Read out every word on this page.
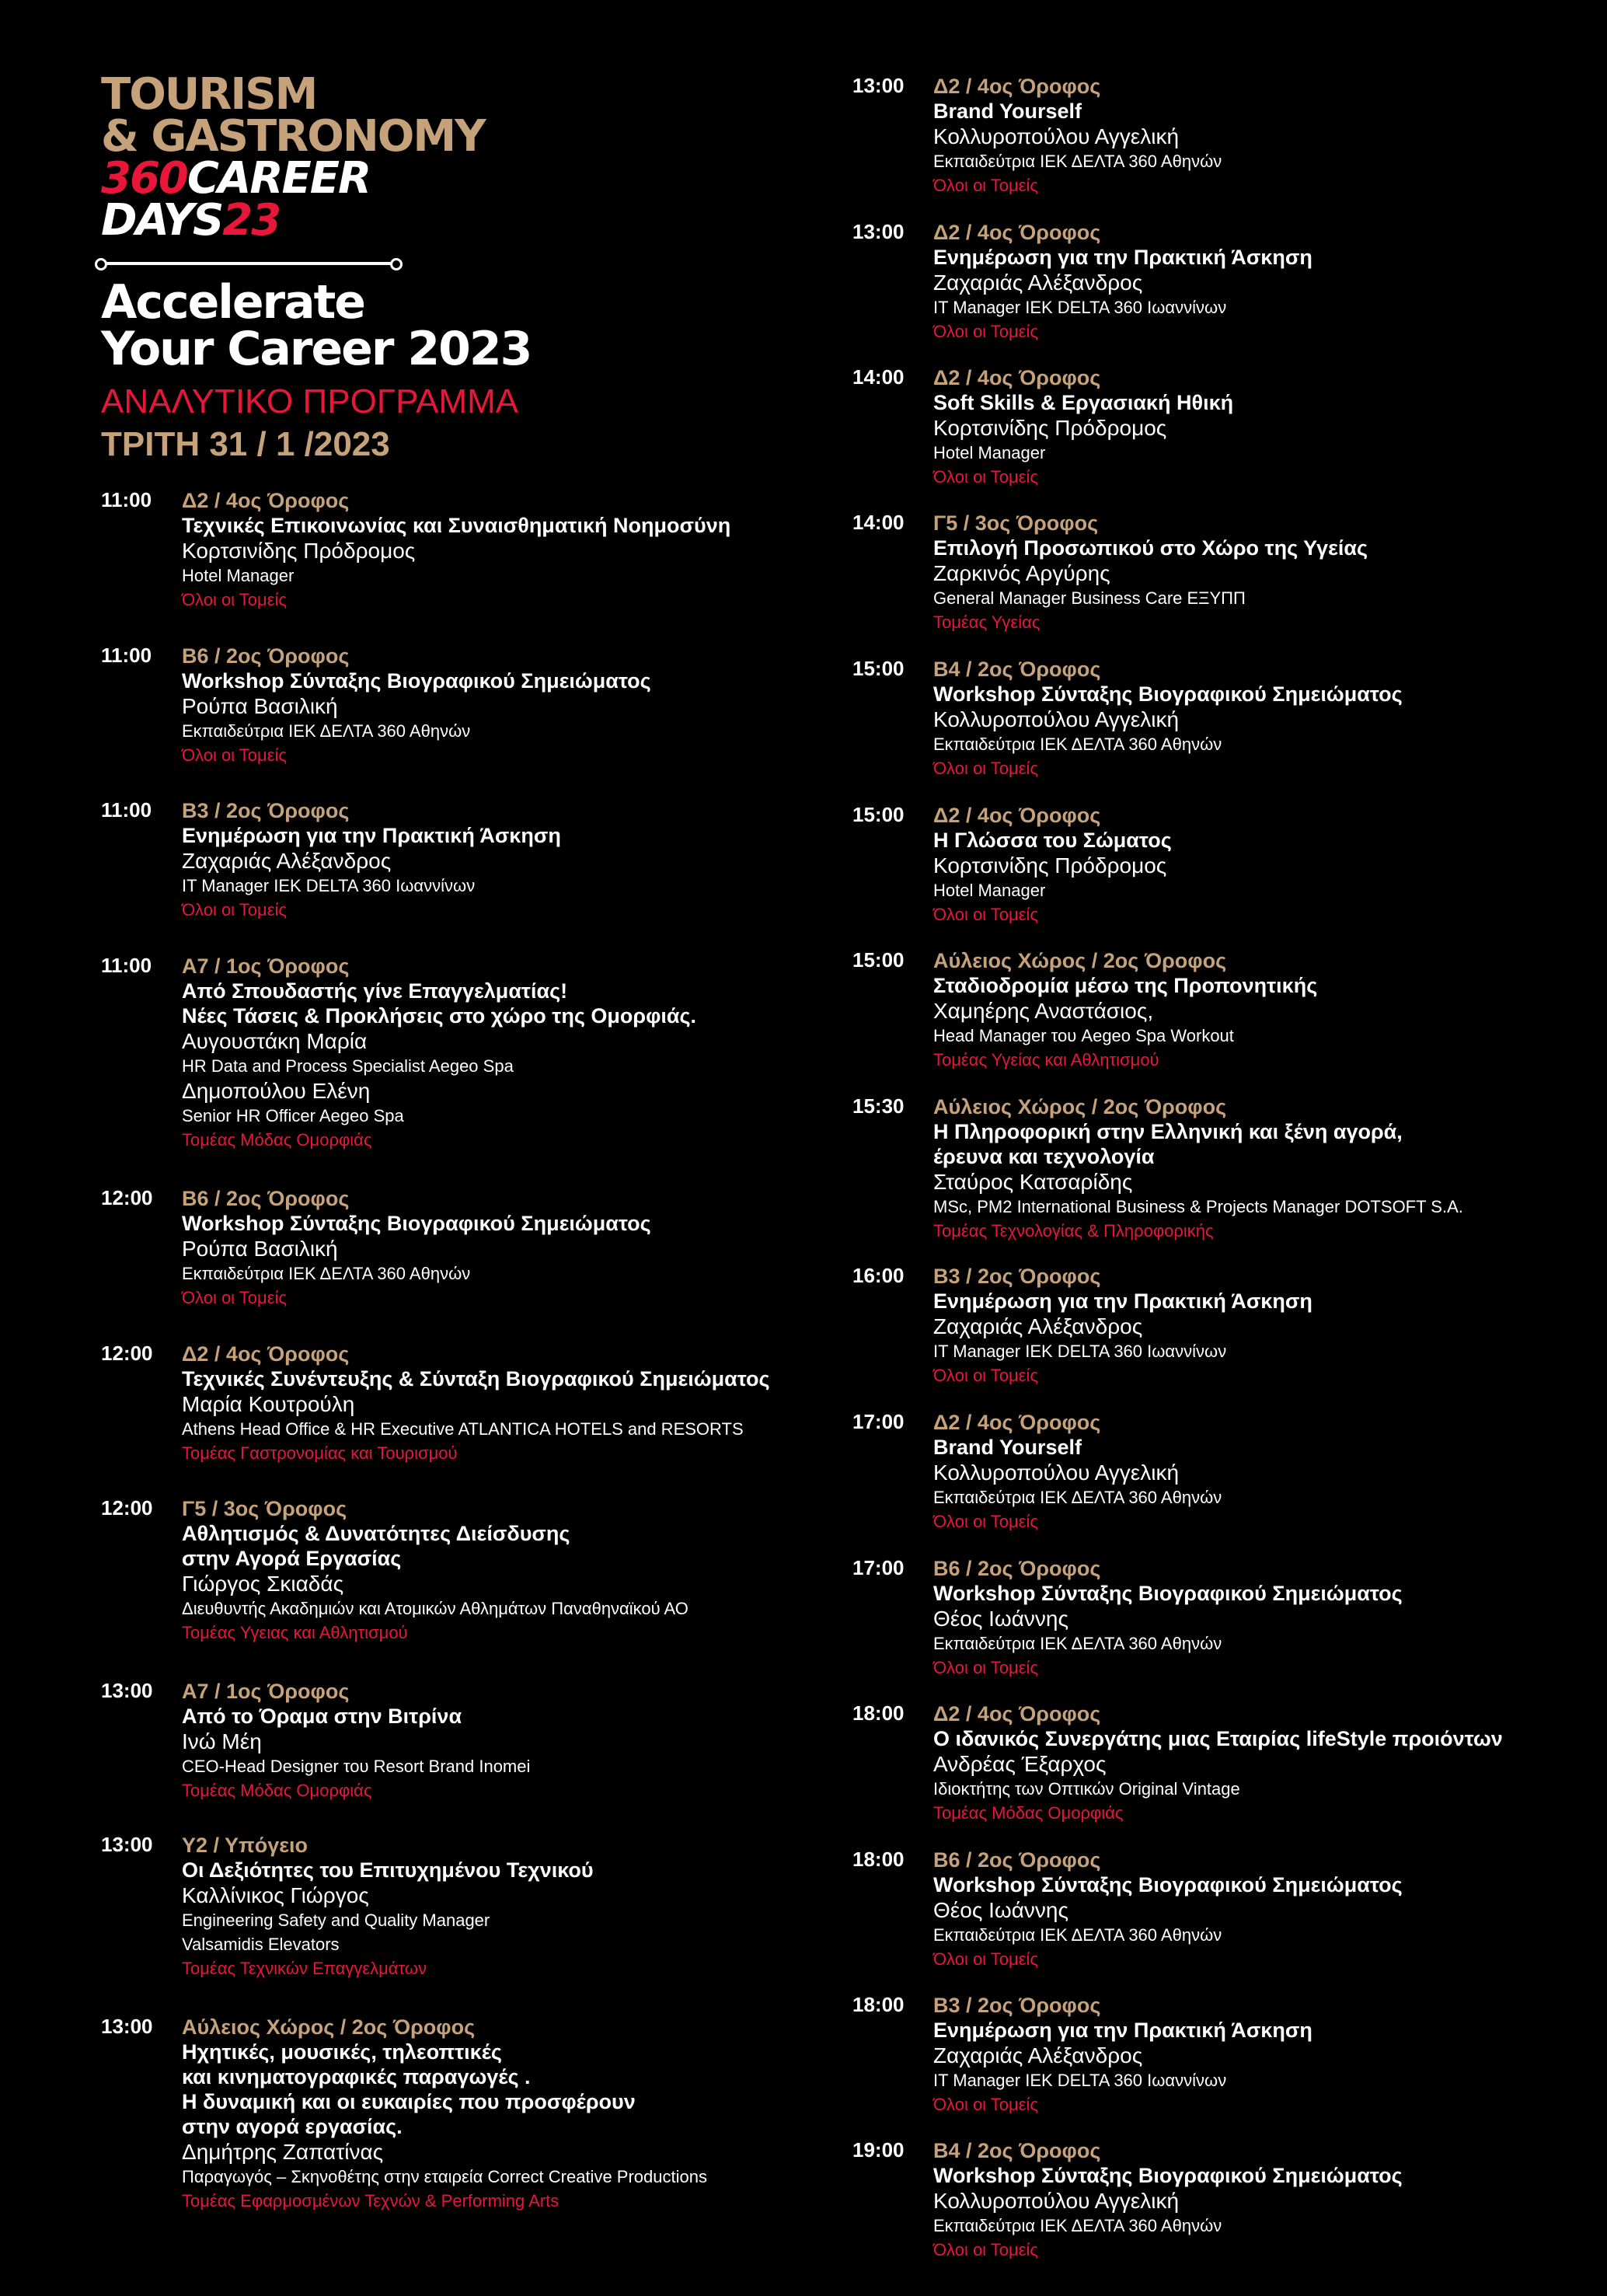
TOURISM
& GASTRONOMY
360CAREER
DAYS23
Accelerate
Your Career 2023
ΑΝΑΛΥΤΙΚΟ ΠΡΟΓΡΑΜΜΑ
ΤΡΙΤΗ 31 / 1 /2023
11:00 Δ2 / 4ος Όροφος
Τεχνικές Επικοινωνίας και Συναισθηματική Νοημοσύνη
Κορτσινίδης Πρόδρομος
Hotel Manager
Όλοι οι Τομείς
11:00 Β6 / 2ος Όροφος
Workshop Σύνταξης Βιογραφικού Σημειώματος
Ρούπα Βασιλική
Εκπαιδεύτρια ΙΕΚ ΔΕΛΤΑ 360 Αθηνών
Όλοι οι Τομείς
11:00 Β3 / 2ος Όροφος
Ενημέρωση για την Πρακτική Άσκηση
Ζαχαριάς Αλέξανδρος
IT Manager ΙΕΚ DELTA 360 Ιωαννίνων
Όλοι οι Τομείς
11:00 Α7 / 1ος Όροφος
Από Σπουδαστής γίνε Επαγγελματίας!
Νέες Τάσεις & Προκλήσεις στο χώρο της Ομορφιάς.
Αυγουστάκη Μαρία
HR Data and Process Specialist Aegeo Spa
Δημοπούλου Ελένη
Senior HR Officer Aegeo Spa
Τομέας Μόδας Ομορφιάς
12:00 Β6 / 2ος Όροφος
Workshop Σύνταξης Βιογραφικού Σημειώματος
Ρούπα Βασιλική
Εκπαιδεύτρια ΙΕΚ ΔΕΛΤΑ 360 Αθηνών
Όλοι οι Τομείς
12:00 Δ2 / 4ος Όροφος
Τεχνικές Συνέντευξης & Σύνταξη Βιογραφικού Σημειώματος
Μαρία Κουτρούλη
Athens Head Office & HR Executive ATLANTICA HOTELS and RESORTS
Τομέας Γαστρονομίας και Τουρισμού
12:00 Γ5 / 3ος Όροφος
Αθλητισμός & Δυνατότητες Διείσδυσης
στην Αγορά Εργασίας
Γιώργος Σκιαδάς
Διευθυντής Ακαδημιών και Ατομικών Αθλημάτων Παναθηναϊκού ΑΟ
Τομέας Υγειας και Αθλητισμού
13:00 Α7 / 1ος Όροφος
Από το Όραμα στην Βιτρίνα
Ινώ Μέη
CEO-Head Designer του Resort Brand Inomei
Τομέας Μόδας Ομορφιάς
13:00 Υ2 / Υπόγειο
Οι Δεξιότητες του Επιτυχημένου Τεχνικού
Καλλίνικος Γιώργος
Engineering Safety and Quality Manager
Valsamidis Elevators
Τομέας Τεχνικών Επαγγελμάτων
13:00 Αύλειος Χώρος / 2ος Όροφος
Ηχητικές, μουσικές, τηλεοπτικές
και κινηματογραφικές παραγωγές .
Η δυναμική και οι ευκαιρίες που προσφέρουν
στην αγορά εργασίας.
Δημήτρης Ζαπατίνας
Παραγωγός – Σκηνοθέτης στην εταιρεία Correct Creative Productions
Τομέας Εφαρμοσμένων Τεχνών & Performing Arts
13:00 Δ2 / 4ος Όροφος
Brand Yourself
Κολλυροπούλου Αγγελική
Εκπαιδεύτρια ΙΕΚ ΔΕΛΤΑ 360 Αθηνών
Όλοι οι Τομείς
13:00 Δ2 / 4ος Όροφος
Ενημέρωση για την Πρακτική Άσκηση
Ζαχαριάς Αλέξανδρος
IT Manager ΙΕΚ DELTA 360 Ιωαννίνων
Όλοι οι Τομείς
14:00 Δ2 / 4ος Όροφος
Soft Skills & Εργασιακή Ηθική
Κορτσινίδης Πρόδρομος
Hotel Manager
Όλοι οι Τομείς
14:00 Γ5 / 3ος Όροφος
Επιλογή Προσωπικού στο Χώρο της Υγείας
Ζαρκινός Αργύρης
General Manager Business Care ΕΞΥΠΠ
Τομέας Υγείας
15:00 Β4 / 2ος Όροφος
Workshop Σύνταξης Βιογραφικού Σημειώματος
Κολλυροπούλου Αγγελική
Εκπαιδεύτρια ΙΕΚ ΔΕΛΤΑ 360 Αθηνών
Όλοι οι Τομείς
15:00 Δ2 / 4ος Όροφος
Η Γλώσσα του Σώματος
Κορτσινίδης Πρόδρομος
Hotel Manager
Όλοι οι Τομείς
15:00 Αύλειος Χώρος / 2ος Όροφος
Σταδιοδρομία μέσω της Προπονητικής
Χαμηέρης Αναστάσιος,
Head Manager του Aegeo Spa Workout
Τομέας Υγείας και Αθλητισμού
15:30 Αύλειος Χώρος / 2ος Όροφος
Η Πληροφορική στην Ελληνική και ξένη αγορά,
έρευνα και τεχνολογία
Σταύρος Κατσαρίδης
MSc, PM2 International Business & Projects Manager DOTSOFT S.A.
Τομέας Τεχνολογίας & Πληροφορικής
16:00 Β3 / 2ος Όροφος
Ενημέρωση για την Πρακτική Άσκηση
Ζαχαριάς Αλέξανδρος
IT Manager ΙΕΚ DELTA 360 Ιωαννίνων
Όλοι οι Τομείς
17:00 Δ2 / 4ος Όροφος
Brand Yourself
Κολλυροπούλου Αγγελική
Εκπαιδεύτρια ΙΕΚ ΔΕΛΤΑ 360 Αθηνών
Όλοι οι Τομείς
17:00 Β6 / 2ος Όροφος
Workshop Σύνταξης Βιογραφικού Σημειώματος
Θέος Ιωάννης
Εκπαιδεύτρια ΙΕΚ ΔΕΛΤΑ 360 Αθηνών
Όλοι οι Τομείς
18:00 Δ2 / 4ος Όροφος
Ο ιδανικός Συνεργάτης μιας Εταιρίας lifeStyle προιόντων
Ανδρέας Έξαρχος
Ιδιοκτήτης των Οπτικών Original Vintage
Τομέας Μόδας Ομορφιάς
18:00 Β6 / 2ος Όροφος
Workshop Σύνταξης Βιογραφικού Σημειώματος
Θέος Ιωάννης
Εκπαιδεύτρια ΙΕΚ ΔΕΛΤΑ 360 Αθηνών
Όλοι οι Τομείς
18:00 Β3 / 2ος Όροφος
Ενημέρωση για την Πρακτική Άσκηση
Ζαχαριάς Αλέξανδρος
IT Manager ΙΕΚ DELTA 360 Ιωαννίνων
Όλοι οι Τομείς
19:00 Β4 / 2ος Όροφος
Workshop Σύνταξης Βιογραφικού Σημειώματος
Κολλυροπούλου Αγγελική
Εκπαιδεύτρια ΙΕΚ ΔΕΛΤΑ 360 Αθηνών
Όλοι οι Τομείς
